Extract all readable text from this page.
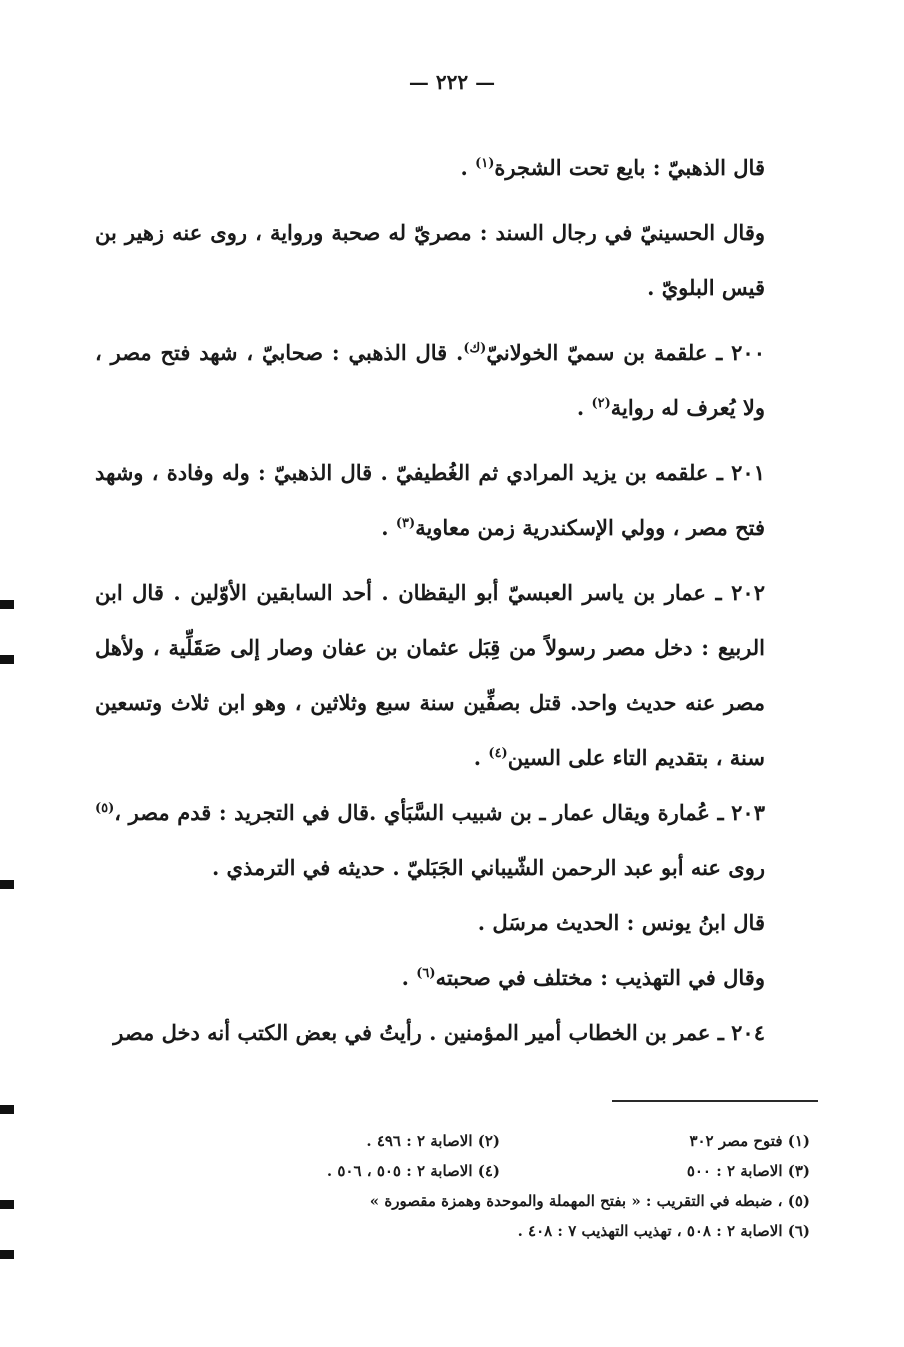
— ٢٢٢ —

قال الذهبيّ : بايع تحت الشجرة$^{(١)}$ .

وقال الحسينيّ في رجال السند : مصريّ له صحبة ورواية ، روى عنه زهير بن قيس البلويّ .

٢٠٠ ـ علقمة بن سميّ الخولانيّ$^{(ك)}$. قال الذهبي : صحابيّ ، شهد فتح مصر ، ولا يُعرف له رواية$^{(٢)}$ .

٢٠١ ـ علقمه بن يزيد المرادي ثم الغُطيفيّ . قال الذهبيّ : وله وفادة ، وشهد فتح مصر ، وولي الإسكندرية زمن معاوية$^{(٣)}$ .

٢٠٢ ـ عمار بن ياسر العبسيّ أبو اليقظان . أحد السابقين الأوّلين . قال ابن الربيع : دخل مصر رسولاً من قِبَل عثمان بن عفان وصار إلى صَقَلِّية ، ولأهل مصر عنه حديث واحد. قتل بصفِّين سنة سبع وثلاثين ، وهو ابن ثلاث وتسعين سنة ، بتقديم التاء على السين$^{(٤)}$ .

٢٠٣ ـ عُمارة ويقال عمار ـ بن شبيب السَّبَأي .قال في التجريد : قدم مصر ،$^{(٥)}$ روى عنه أبو عبد الرحمن الشّيباني الجَبَليّ . حديثه في الترمذي .

قال ابنُ يونس : الحديث مرسَل .

وقال في التهذيب : مختلف في صحبته$^{(٦)}$ .

٢٠٤ ـ عمر بن الخطاب أمير المؤمنين . رأيتُ في بعض الكتب أنه دخل مصر

(١) فتوح مصر ٣٠٢
(٢) الاصابة ٢ : ٤٩٦ .
(٣) الاصابة ٢ : ٥٠٠
(٤) الاصابة ٢ : ٥٠٥ ، ٥٠٦ .
(٥) ، ضبطه في التقريب : « بفتح المهملة والموحدة وهمزة مقصورة »
(٦) الاصابة ٢ : ٥٠٨ ، تهذيب التهذيب ٧ : ٤٠٨ .
